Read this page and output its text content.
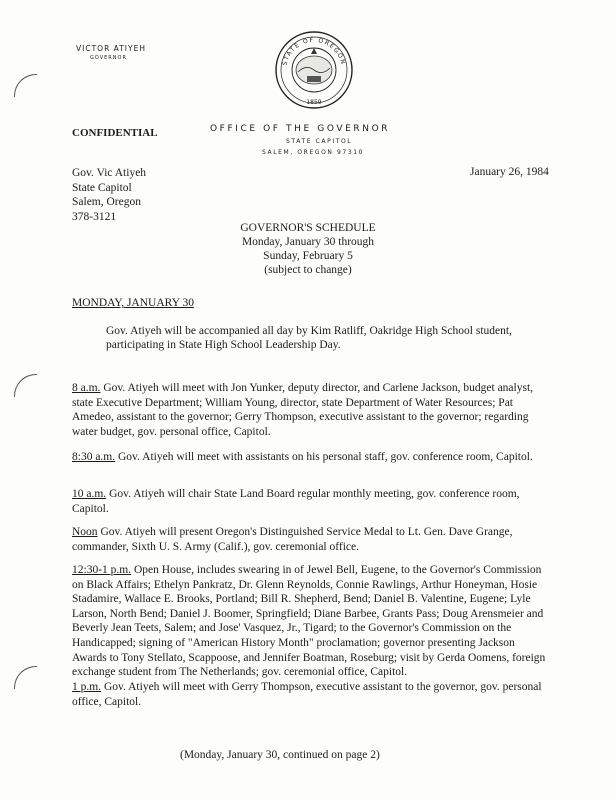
VICTOR ATIYEH
GOVERNOR
1859
STATE OF OREGON
CONFIDENTIAL	OFFICE OF THE GOVERNOR
STATE CAPITOL
SALEM, OREGON 97310
Gov. Vic Atiyeh
State Capitol
Salem, Oregon
378-3121
January 26, 1984
GOVERNOR'S SCHEDULE
Monday, January 30 through
Sunday, February 5
(subject to change)
MONDAY, JANUARY 30
Gov. Atiyeh will be accompanied all day by Kim Ratliff, Oakridge High School student, participating in State High School Leadership Day.
8 a.m. Gov. Atiyeh will meet with Jon Yunker, deputy director, and Carlene Jackson, budget analyst, state Executive Department; William Young, director, state Department of Water Resources; Pat Amedeo, assistant to the governor; Gerry Thompson, executive assistant to the governor; regarding water budget, gov. personal office, Capitol.
8:30 a.m. Gov. Atiyeh will meet with assistants on his personal staff, gov. conference room, Capitol.
10 a.m. Gov. Atiyeh will chair State Land Board regular monthly meeting, gov. conference room, Capitol.
Noon Gov. Atiyeh will present Oregon's Distinguished Service Medal to Lt. Gen. Dave Grange, commander, Sixth U. S. Army (Calif.), gov. ceremonial office.
12:30-1 p.m. Open House, includes swearing in of Jewel Bell, Eugene, to the Governor's Commission on Black Affairs; Ethelyn Pankratz, Dr. Glenn Reynolds, Connie Rawlings, Arthur Honeyman, Hosie Stadamire, Wallace E. Brooks, Portland; Bill R. Shepherd, Bend; Daniel B. Valentine, Eugene; Lyle Larson, North Bend; Daniel J. Boomer, Springfield; Diane Barbee, Grants Pass; Doug Arensmeier and Beverly Jean Teets, Salem; and Jose' Vasquez, Jr., Tigard; to the Governor's Commission on the Handicapped; signing of "American History Month" proclamation; governor presenting Jackson Awards to Tony Stellato, Scappoose, and Jennifer Boatman, Roseburg; visit by Gerda Oomens, foreign exchange student from The Netherlands; gov. ceremonial office, Capitol.
1 p.m. Gov. Atiyeh will meet with Gerry Thompson, executive assistant to the governor, gov. personal office, Capitol.
(Monday, January 30, continued on page 2)
